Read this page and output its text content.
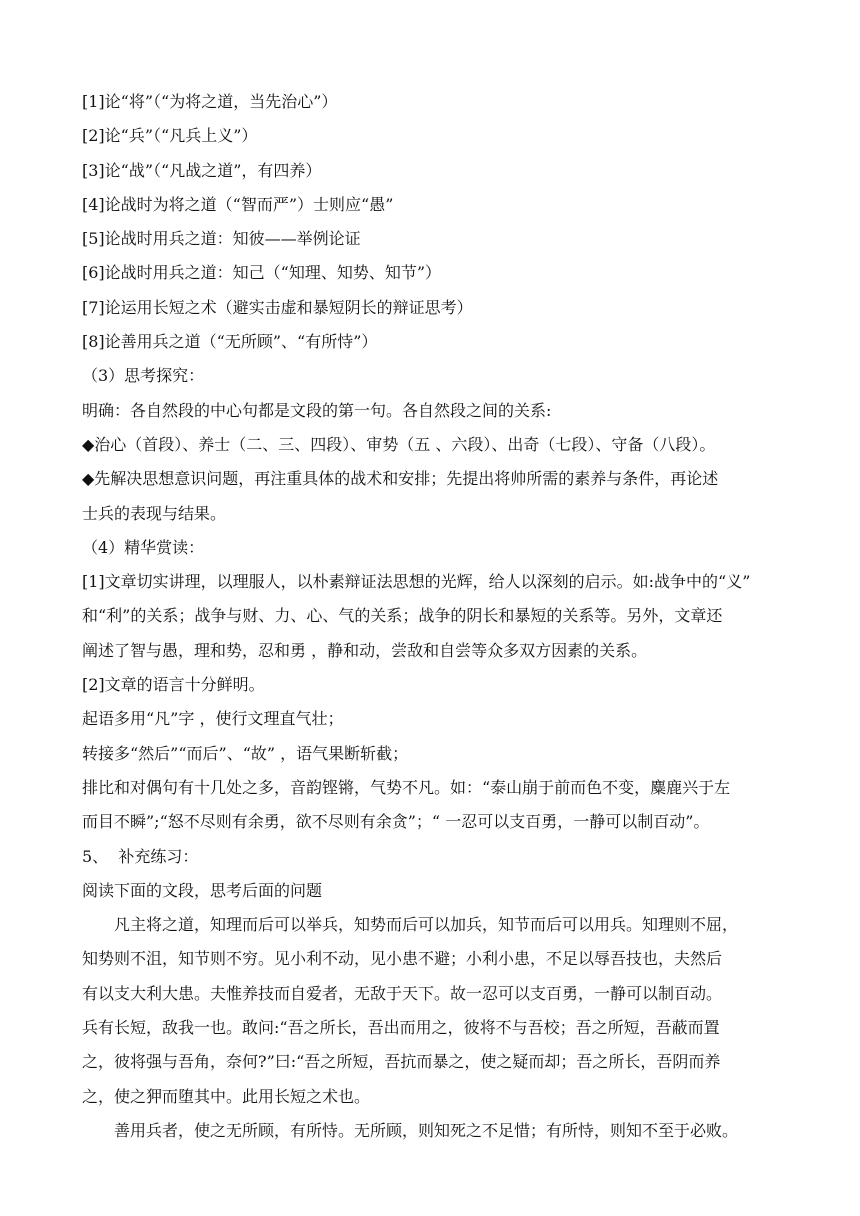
[1]论“将”（“为将之道，当先治心”）
[2]论“兵”（“凡兵上义”）
[3]论“战”（“凡战之道”，有四养）
[4]论战时为将之道（“智而严”）士则应“愚”
[5]论战时用兵之道：知彼——举例论证
[6]论战时用兵之道：知己（“知理、知势、知节”）
[7]论运用长短之术（避实击虚和暴短阴长的辩证思考）
[8]论善用兵之道（“无所顾”、“有所恃”）
（3）思考探究：
明确：各自然段的中心句都是文段的第一句。各自然段之间的关系:
◆治心（首段）、养士（二、三、四段）、审势（五 、六段）、出奇（七段）、守备（八段）。
◆先解决思想意识问题，再注重具体的战术和安排；先提出将帅所需的素养与条件，再论述
士兵的表现与结果。
（4）精华赏读：
[1]文章切实讲理，以理服人，以朴素辩证法思想的光辉，给人以深刻的启示。如:战争中的“义”
和“利”的关系；战争与财、力、心、气的关系；战争的阴长和暴短的关系等。另外，文章还
阐述了智与愚，理和势，忍和勇 ，静和动，尝敌和自尝等众多双方因素的关系。
[2]文章的语言十分鲜明。
起语多用“凡”字 ，使行文理直气壮；
转接多“然后”“而后”、“故” ，语气果断斩截；
排比和对偶句有十几处之多，音韵铿锵，气势不凡。如：“泰山崩于前而色不变，麋鹿兴于左
而目不瞬”;“怒不尽则有余勇，欲不尽则有余贪”；“ 一忍可以支百勇，一静可以制百动”。
5、  补充练习：
阅读下面的文段，思考后面的问题
凡主将之道，知理而后可以举兵，知势而后可以加兵，知节而后可以用兵。知理则不屈，
知势则不沮，知节则不穷。见小利不动，见小患不避；小利小患，不足以辱吾技也，夫然后
有以支大利大患。夫惟养技而自爱者，无敌于天下。故一忍可以支百勇，一静可以制百动。
兵有长短，敌我一也。敢问:“吾之所长，吾出而用之，彼将不与吾校；吾之所短，吾蔽而置
之，彼将强与吾角，奈何?”曰:“吾之所短，吾抗而暴之，使之疑而却；吾之所长，吾阴而养
之，使之狎而堕其中。此用长短之术也。
善用兵者，使之无所顾，有所恃。无所顾，则知死之不足惜；有所恃，则知不至于必败。
